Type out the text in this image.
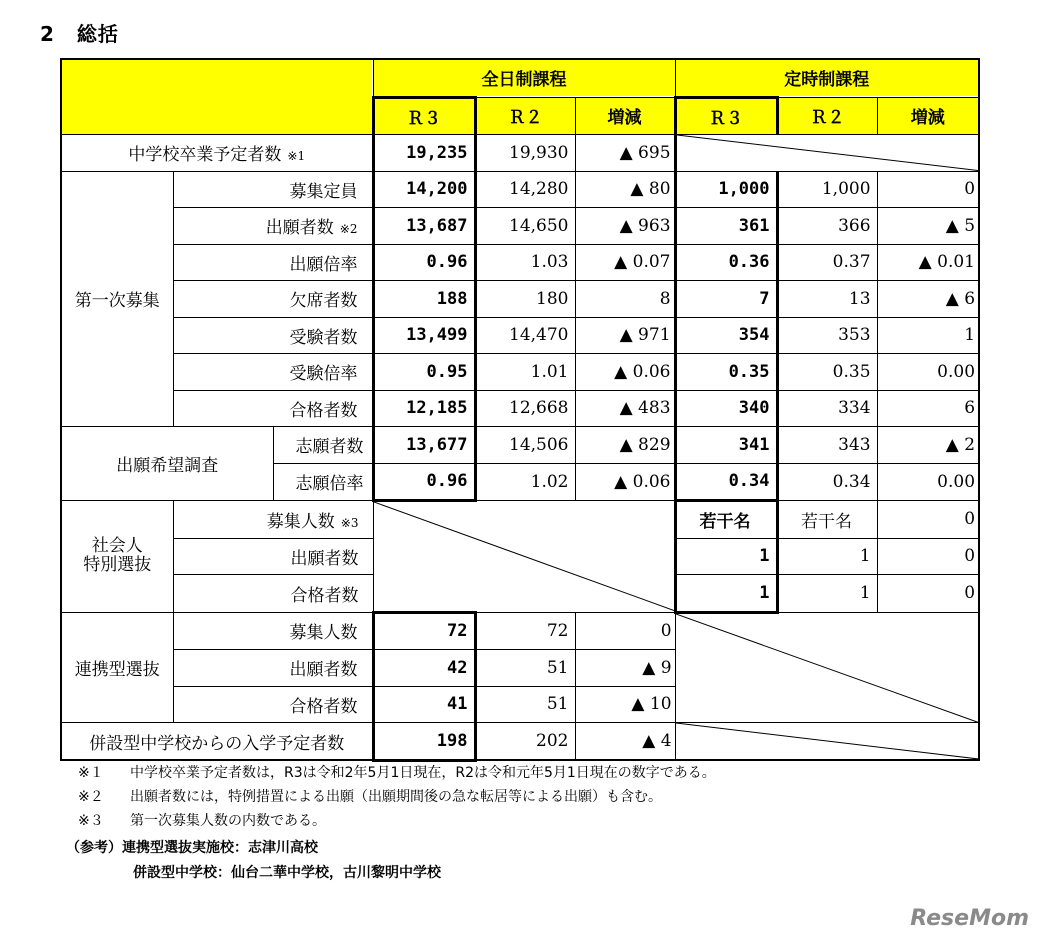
2 総括
			全日制課程			定時制課程		
			Ｒ３	Ｒ２	増減	Ｒ３	Ｒ２	増減
中学校卒業予定者数 ※1			19,235	19,930	▲ 695	

第一次募集	募集定員		14,200	14,280	▲ 80	1,000	1,000	0
	出願者数 ※2		13,687	14,650	▲ 963	361	366	▲ 5
	出願倍率		0.96	1.03	▲ 0.07	0.36	0.37	▲ 0.01
	欠席者数		188	180	8	7	13	▲ 6
	受験者数		13,499	14,470	▲ 971	354	353	1
	受験倍率		0.95	1.01	▲ 0.06	0.35	0.35	0.00
	合格者数		12,185	12,668	▲ 483	340	334	6
出願希望調査		志願者数	13,677	14,506	▲ 829	341	343	▲ 2
		志願倍率	0.96	1.02	▲ 0.06	0.34	0.34	0.00
社会人
特別選抜	募集人数 ※3					若干名	若干名	0
	出願者数					1	1	0
	合格者数					1	1	0
連携型選抜	募集人数		72	72	0	

	出願者数		42	51	▲ 9			
	合格者数		41	51	▲ 10			
併設型中学校からの入学予定者数			198	202	▲ 4	
※１	中学校卒業予定者数は，R3は令和2年5月1日現在，R2は令和元年5月1日現在の数字である。
※２	出願者数には，特例措置による出願（出願期間後の急な転居等による出願）も含む。
※３	第一次募集人数の内数である。
（参考）連携型選抜実施校：志津川高校
併設型中学校：仙台二華中学校，古川黎明中学校
ReseMom
